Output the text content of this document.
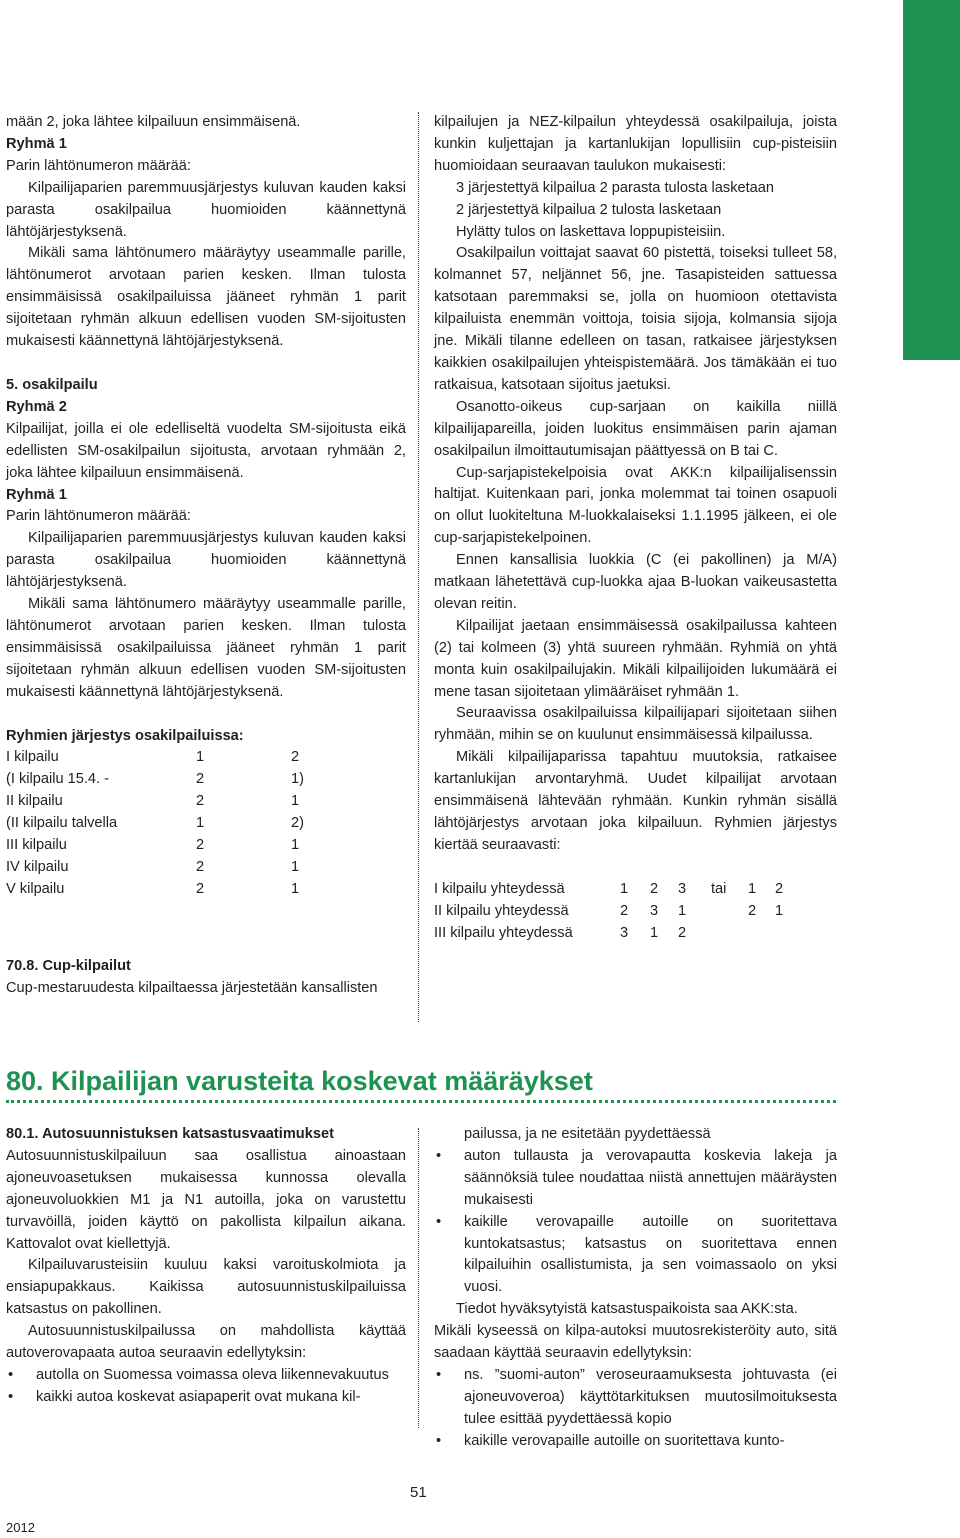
mään 2, joka lähtee kilpailuun ensimmäisenä.

Ryhmä 1

Parin lähtönumeron määrää:

Kilpailijaparien paremmuusjärjestys kuluvan kauden kaksi parasta osakilpailua huomioiden käännettynä lähtöjärjestyksenä.

Mikäli sama lähtönumero määräytyy useammalle parille, lähtönumerot arvotaan parien kesken. Ilman tulosta ensimmäisissä osakilpailuissa jääneet ryhmän 1 parit sijoitetaan ryhmän alkuun edellisen vuoden SM-sijoitusten mukaisesti käännettynä lähtöjärjestyksenä.

5. osakilpailu

Ryhmä 2

Kilpailijat, joilla ei ole edelliseltä vuodelta SM-sijoitusta eikä edellisten SM-osakilpailun sijoitusta, arvotaan ryhmään 2, joka lähtee kilpailuun ensimmäisenä.

Ryhmä 1

Parin lähtönumeron määrää:

Kilpailijaparien paremmuusjärjestys kuluvan kauden kaksi parasta osakilpailua huomioiden käännettynä lähtöjärjestyksenä.

Mikäli sama lähtönumero määräytyy useammalle parille, lähtönumerot arvotaan parien kesken. Ilman tulosta ensimmäisissä osakilpailuissa jääneet ryhmän 1 parit sijoitetaan ryhmän alkuun edellisen vuoden SM-sijoitusten mukaisesti käännettynä lähtöjärjestyksenä.

Ryhmien järjestys osakilpailuissa:

I kilpailu	1	2
(I kilpailu 15.4. -	2	1)
II kilpailu	2	1
(II kilpailu talvella	1	2)
III kilpailu	2	1
IV kilpailu	2	1
V kilpailu	2	1

70.8. Cup-kilpailut

Cup-mestaruudesta kilpailtaessa järjestetään kansallisten

kilpailujen ja NEZ-kilpailun yhteydessä osakilpailuja, joista kunkin kuljettajan ja kartanlukijan lopullisiin cup-pisteisiin huomioidaan seuraavan taulukon mukaisesti:

3 järjestettyä kilpailua 2 parasta tulosta lasketaan

2 järjestettyä kilpailua 2 tulosta lasketaan

Hylätty tulos on laskettava loppupisteisiin.

Osakilpailun voittajat saavat 60 pistettä, toiseksi tulleet 58, kolmannet 57, neljännet 56, jne. Tasapisteiden sattuessa katsotaan paremmaksi se, jolla on huomioon otettavista kilpailuista enemmän voittoja, toisia sijoja, kolmansia sijoja jne. Mikäli tilanne edelleen on tasan, ratkaisee järjestyksen kaikkien osakilpailujen yhteispistemäärä. Jos tämäkään ei tuo ratkaisua, katsotaan sijoitus jaetuksi.

Osanotto-oikeus cup-sarjaan on kaikilla niillä kilpailijapareilla, joiden luokitus ensimmäisen parin ajaman osakilpailun ilmoittautumisajan päättyessä on B tai C.

Cup-sarjapistekelpoisia ovat AKK:n kilpailijalisenssin haltijat. Kuitenkaan pari, jonka molemmat tai toinen osapuoli on ollut luokiteltuna M-luokkalaiseksi 1.1.1995 jälkeen, ei ole cup-sarjapistekelpoinen.

Ennen kansallisia luokkia (C (ei pakollinen) ja M/A) matkaan lähetettävä cup-luokka ajaa B-luokan vaikeusastetta olevan reitin.

Kilpailijat jaetaan ensimmäisessä osakilpailussa kahteen (2) tai kolmeen (3) yhtä suureen ryhmään. Ryhmiä on yhtä monta kuin osakilpailujakin. Mikäli kilpailijoiden lukumäärä ei mene tasan sijoitetaan ylimääräiset ryhmään 1.

Seuraavissa osakilpailuissa kilpailijapari sijoitetaan siihen ryhmään, mihin se on kuulunut ensimmäisessä kilpailussa.

Mikäli kilpailijaparissa tapahtuu muutoksia, ratkaisee kartanlukijan arvontaryhmä. Uudet kilpailijat arvotaan ensimmäisenä lähtevään ryhmään. Kunkin ryhmän sisällä lähtöjärjestys arvotaan joka kilpailuun. Ryhmien järjestys kiertää seuraavasti:

I kilpailu yhteydessä	1	2	3	tai	1	2
II kilpailu yhteydessä	2	3	1		2	1
III kilpailu yhteydessä	3	1	2			
80. Kilpailijan varusteita koskevat määräykset

80.1. Autosuunnistuksen katsastusvaatimukset

Autosuunnistuskilpailuun saa osallistua ainoastaan ajoneuvoasetuksen mukaisessa kunnossa olevalla ajoneuvoluokkien M1 ja N1 autoilla, joka on varustettu turvavöillä, joiden käyttö on pakollista kilpailun aikana. Kattovalot ovat kiellettyjä.

Kilpailuvarusteisiin kuuluu kaksi varoituskolmiota ja ensiapupakkaus. Kaikissa autosuunnistuskilpailuissa katsastus on pakollinen.

Autosuunnistuskilpailussa on mahdollista käyttää autoverovapaata autoa seuraavin edellytyksin:

• autolla on Suomessa voimassa oleva liikennevakuutus
• kaikki autoa koskevat asiapaperit ovat mukana kil-

pailussa, ja ne esitetään pyydettäessä

• auton tullausta ja verovapautta koskevia lakeja ja säännöksiä tulee noudattaa niistä annettujen määräysten mukaisesti
• kaikille verovapaille autoille on suoritettava kuntokatsastus; katsastus on suoritettava ennen kilpailuihin osallistumista, ja sen voimassaolo on yksi vuosi.

Tiedot hyväksytyistä katsastuspaikoista saa AKK:sta.

Mikäli kyseessä on kilpa-autoksi muutosrekisteröity auto, sitä saadaan käyttää seuraavin edellytyksin:

• ns. ”suomi-auton” veroseuraamuksesta johtuvasta (ei ajoneuvoveroa) käyttötarkituksen muutosilmoituksesta tulee esittää pyydettäessä kopio
• kaikille verovapaille autoille on suoritettava kunto-
51
2012
